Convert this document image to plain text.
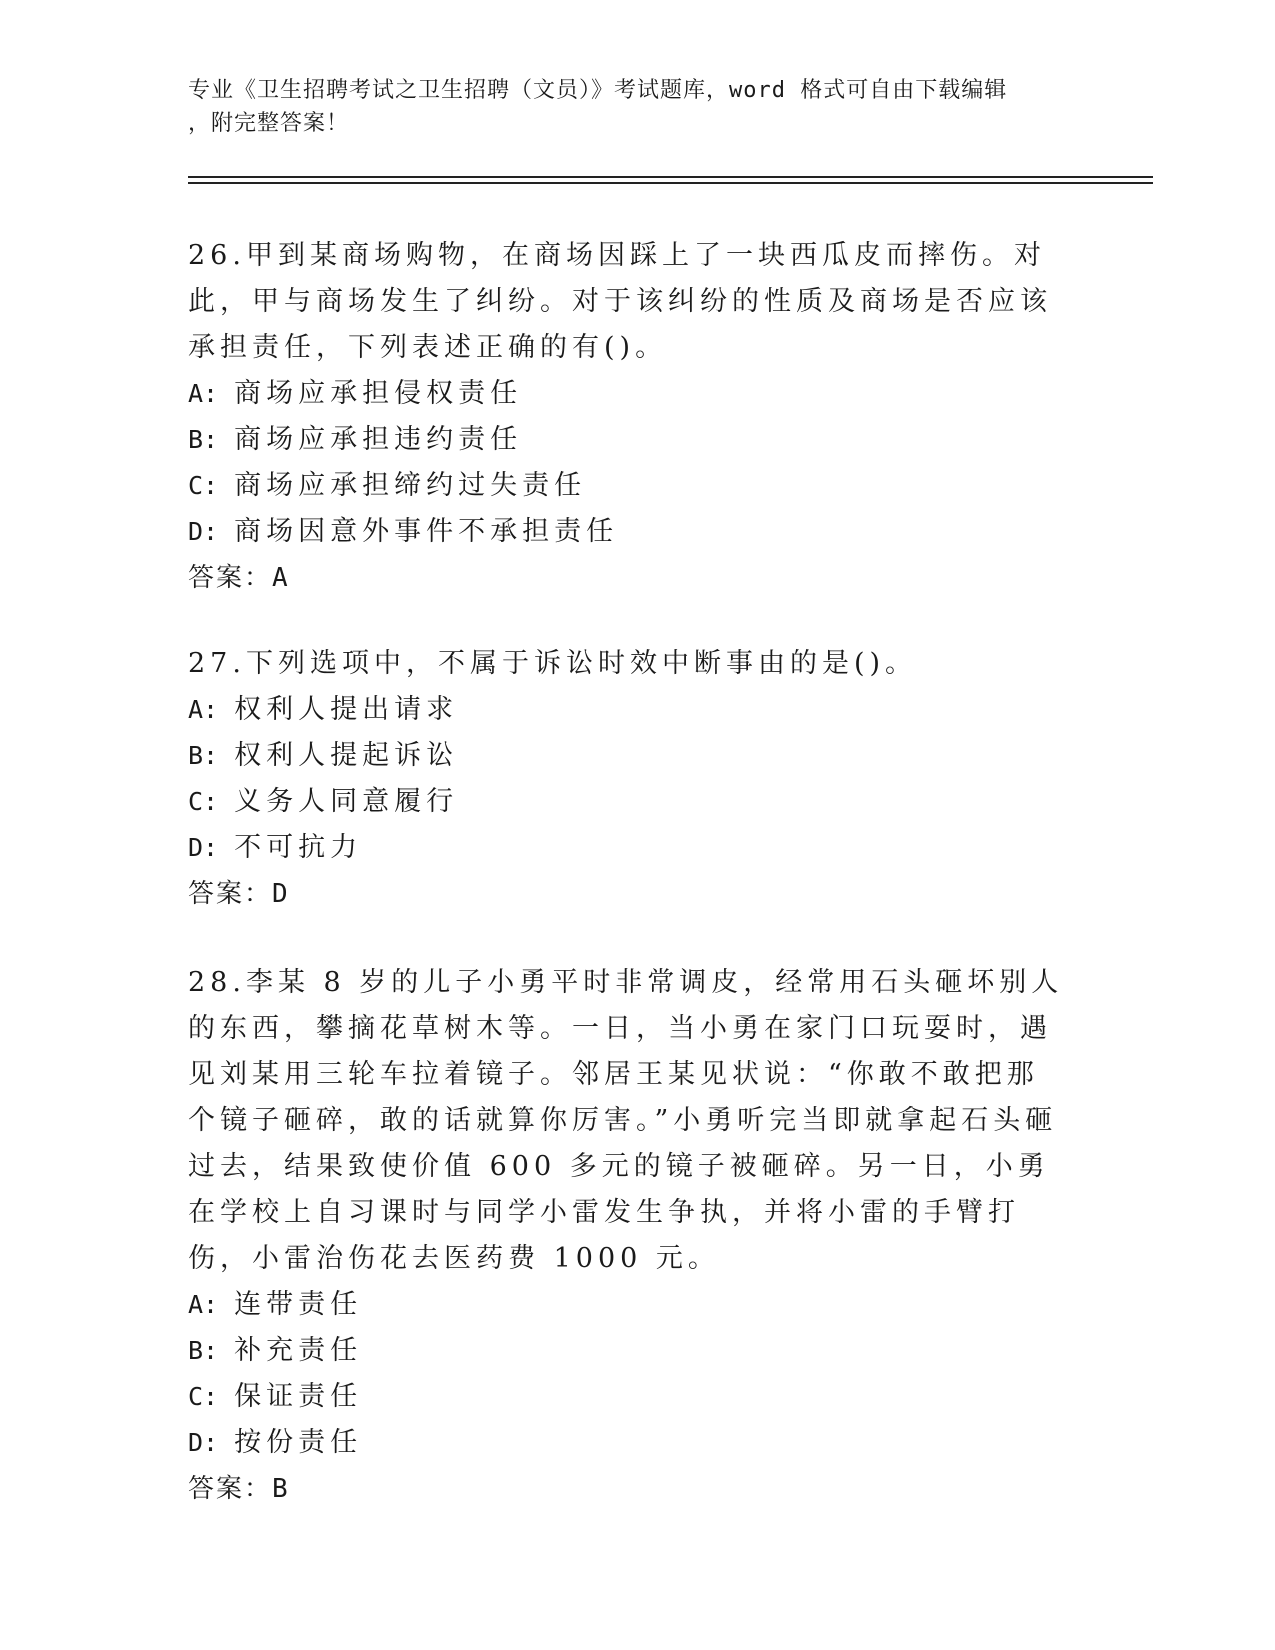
专业《卫生招聘考试之卫生招聘（文员）》考试题库，word 格式可自由下载编辑
，附完整答案！
26.甲到某商场购物，在商场因踩上了一块西瓜皮而摔伤。对此，甲与商场发生了纠纷。对于该纠纷的性质及商场是否应该承担责任，下列表述正确的有()。
A: 商场应承担侵权责任
B: 商场应承担违约责任
C: 商场应承担缔约过失责任
D: 商场因意外事件不承担责任
答案：A
27.下列选项中，不属于诉讼时效中断事由的是()。
A: 权利人提出请求
B: 权利人提起诉讼
C: 义务人同意履行
D: 不可抗力
答案：D
28.李某 8 岁的儿子小勇平时非常调皮，经常用石头砸坏别人的东西，攀摘花草树木等。一日，当小勇在家门口玩耍时，遇见刘某用三轮车拉着镜子。邻居王某见状说：“你敢不敢把那个镜子砸碎，敢的话就算你厉害。”小勇听完当即就拿起石头砸过去，结果致使价值 600 多元的镜子被砸碎。另一日，小勇在学校上自习课时与同学小雷发生争执，并将小雷的手臂打伤，小雷治伤花去医药费 1000 元。
A: 连带责任
B: 补充责任
C: 保证责任
D: 按份责任
答案：B
